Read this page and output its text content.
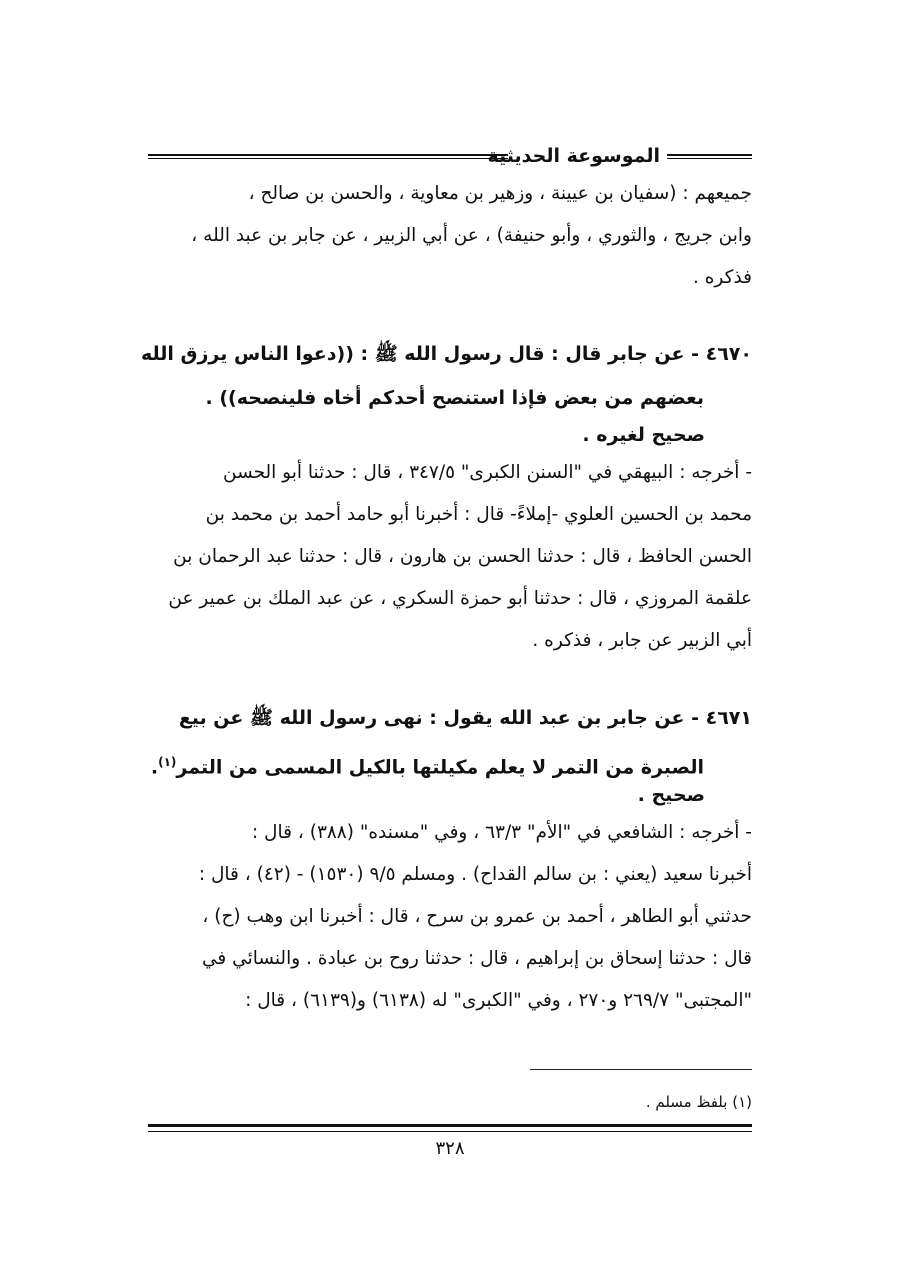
الموسوعة الحديثية
جميعهم : (سفيان بن عيينة ، وزهير بن معاوية ، والحسن بن صالح ،
وابن جريج ، والثوري ، وأبو حنيفة) ، عن أبي الزبير ، عن جابر بن عبد الله ،
فذكره .
٤٦٧٠ - عن جابر قال : قال رسول الله ﷺ : ((دعوا الناس يرزق الله
بعضهم من بعض فإذا استنصح أحدكم أخاه فلينصحه)) .
صحيح لغيره .
- أخرجه : البيهقي في "السنن الكبرى" ٣٤٧/٥ ، قال : حدثنا أبو الحسن
محمد بن الحسين العلوي -إملاءً- قال : أخبرنا أبو حامد أحمد بن محمد بن
الحسن الحافظ ، قال : حدثنا الحسن بن هارون ، قال : حدثنا عبد الرحمان بن
علقمة المروزي ، قال : حدثنا أبو حمزة السكري ، عن عبد الملك بن عمير عن
أبي الزبير عن جابر ، فذكره .
٤٦٧١ - عن جابر بن عبد الله يقول : نهى رسول الله ﷺ عن بيع
الصبرة من التمر لا يعلم مكيلتها بالكيل المسمى من التمر$^{(١)}$.
صحيح .
- أخرجه : الشافعي في "الأم" ٦٣/٣ ، وفي "مسنده" (٣٨٨) ، قال :
أخبرنا سعيد (يعني : بن سالم القداح) . ومسلم ٩/٥ (١٥٣٠) - (٤٢) ، قال :
حدثني أبو الطاهر ، أحمد بن عمرو بن سرح ، قال : أخبرنا ابن وهب (ح) ،
قال : حدثنا إسحاق بن إبراهيم ، قال : حدثنا روح بن عبادة . والنسائي في
"المجتبى" ٢٦٩/٧ و٢٧٠ ، وفي "الكبرى" له (٦١٣٨) و(٦١٣٩) ، قال :
(١) بلفظ مسلم .
٣٢٨
